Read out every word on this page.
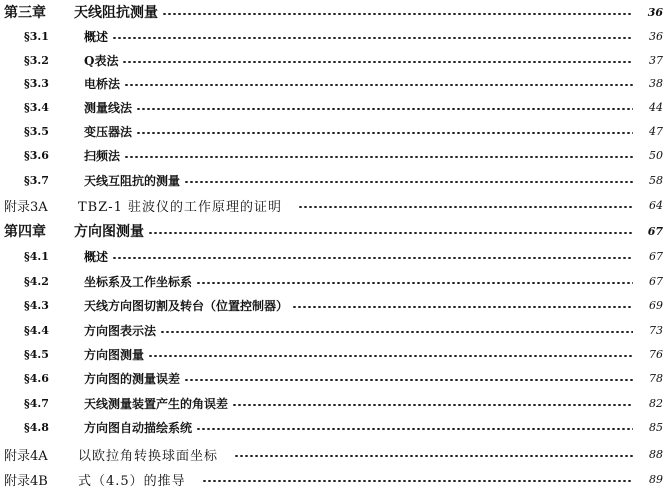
第三章	天线阻抗测量	36
§3.1	概述	36
§3.2	Q表法	37
§3.3	电桥法	38
§3.4	测量线法	44
§3.5	变压器法	47
§3.6	扫频法	50
§3.7	天线互阻抗的测量	58
附录3A	TBZ-1 驻波仪的工作原理的证明	64
第四章	方向图测量	67
§4.1	概述	67
§4.2	坐标系及工作坐标系	67
§4.3	天线方向图切割及转台（位置控制器）	69
§4.4	方向图表示法	73
§4.5	方向图测量	76
§4.6	方向图的测量误差	78
§4.7	天线测量装置产生的角误差	82
§4.8	方向图自动描绘系统	85
附录4A	以欧拉角转换球面坐标	88
附录4B	式（4.5）的推导	89
